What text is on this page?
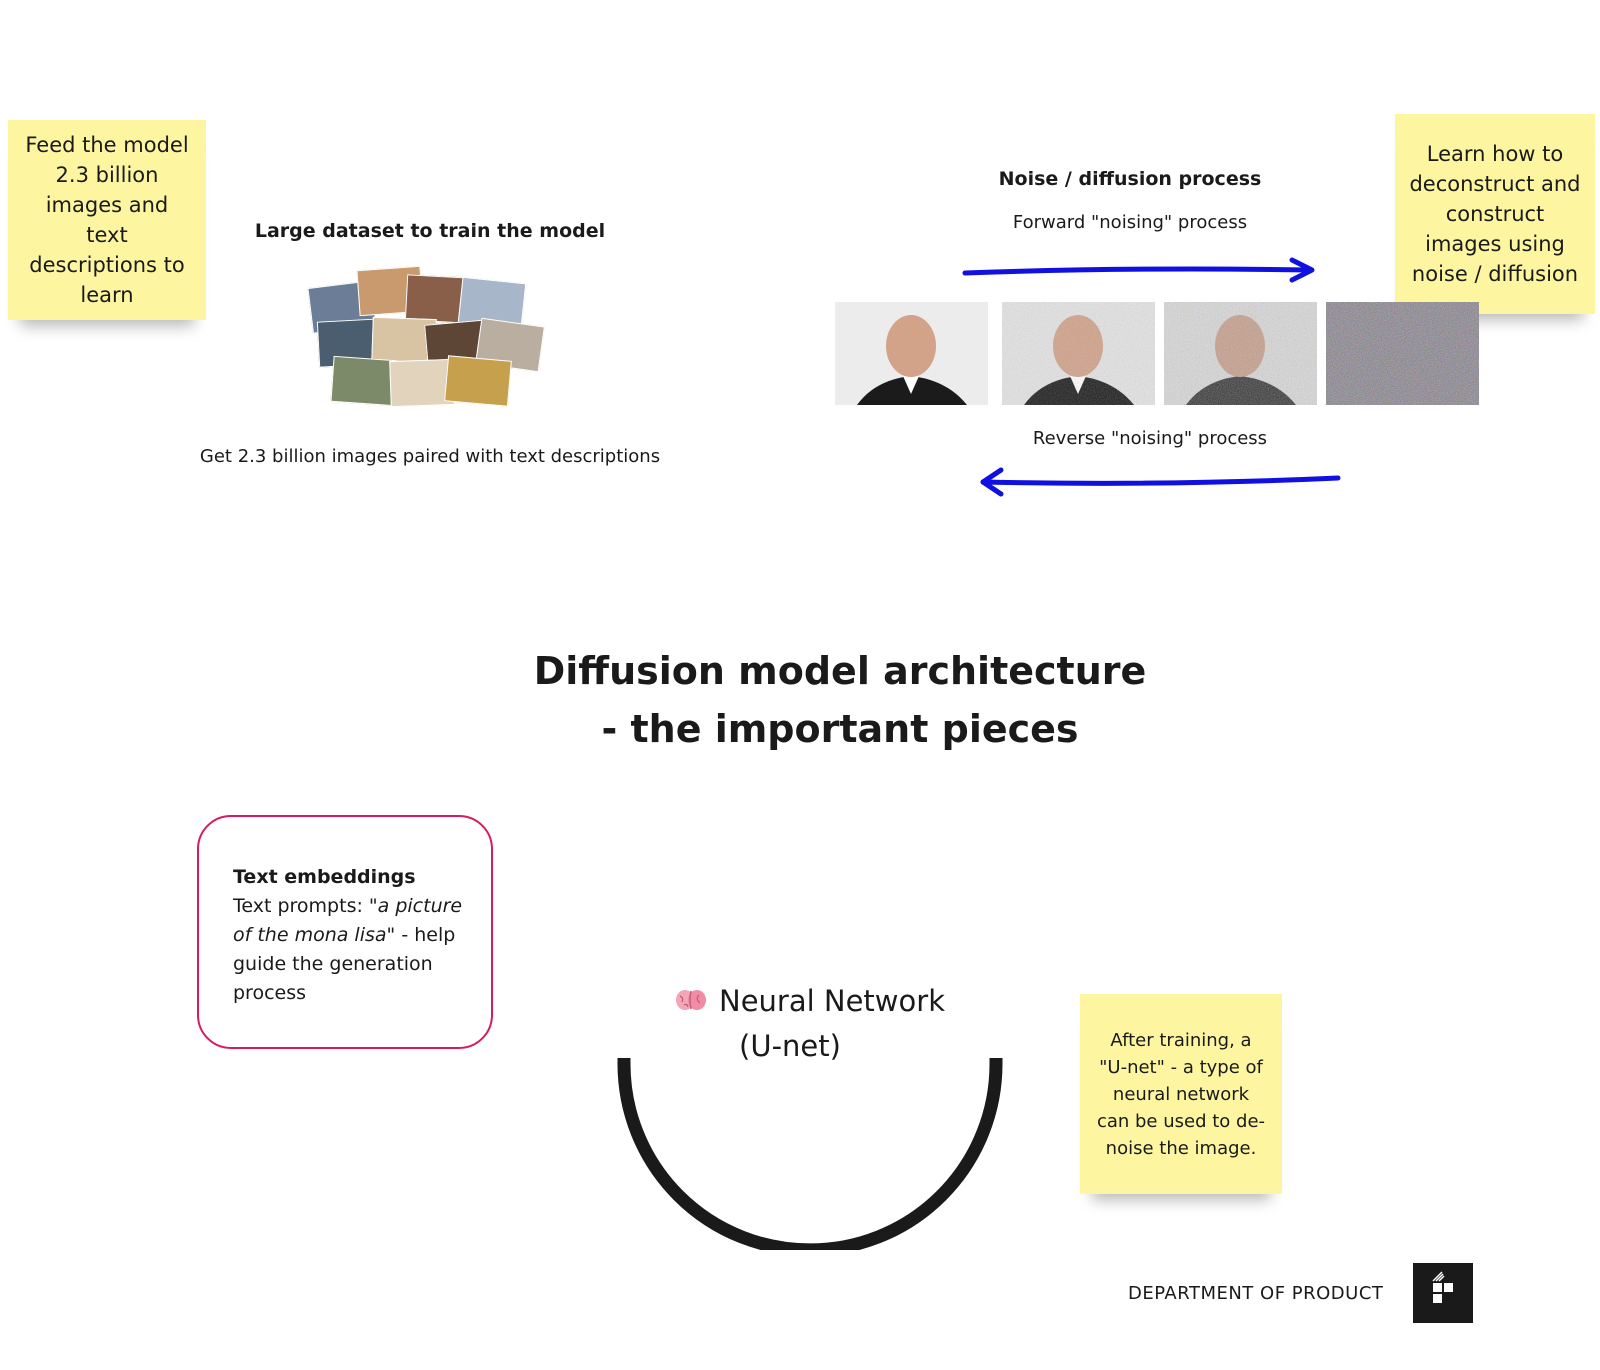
Feed the model 2.3 billion images and text descriptions to learn
Large dataset to train the model
Get 2.3 billion images paired with text descriptions
Noise / diffusion process
Forward "noising" process
Learn how to deconstruct and construct images using noise / diffusion
Reverse "noising" process
Diffusion model architecture
- the important pieces
Text embeddings
Text prompts: "a picture of the mona lisa" - help guide the generation process	Neural Network
(U-net)	After training, a "U-net" - a type of neural network can be used to de-noise the image.
DEPARTMENT OF PRODUCT
